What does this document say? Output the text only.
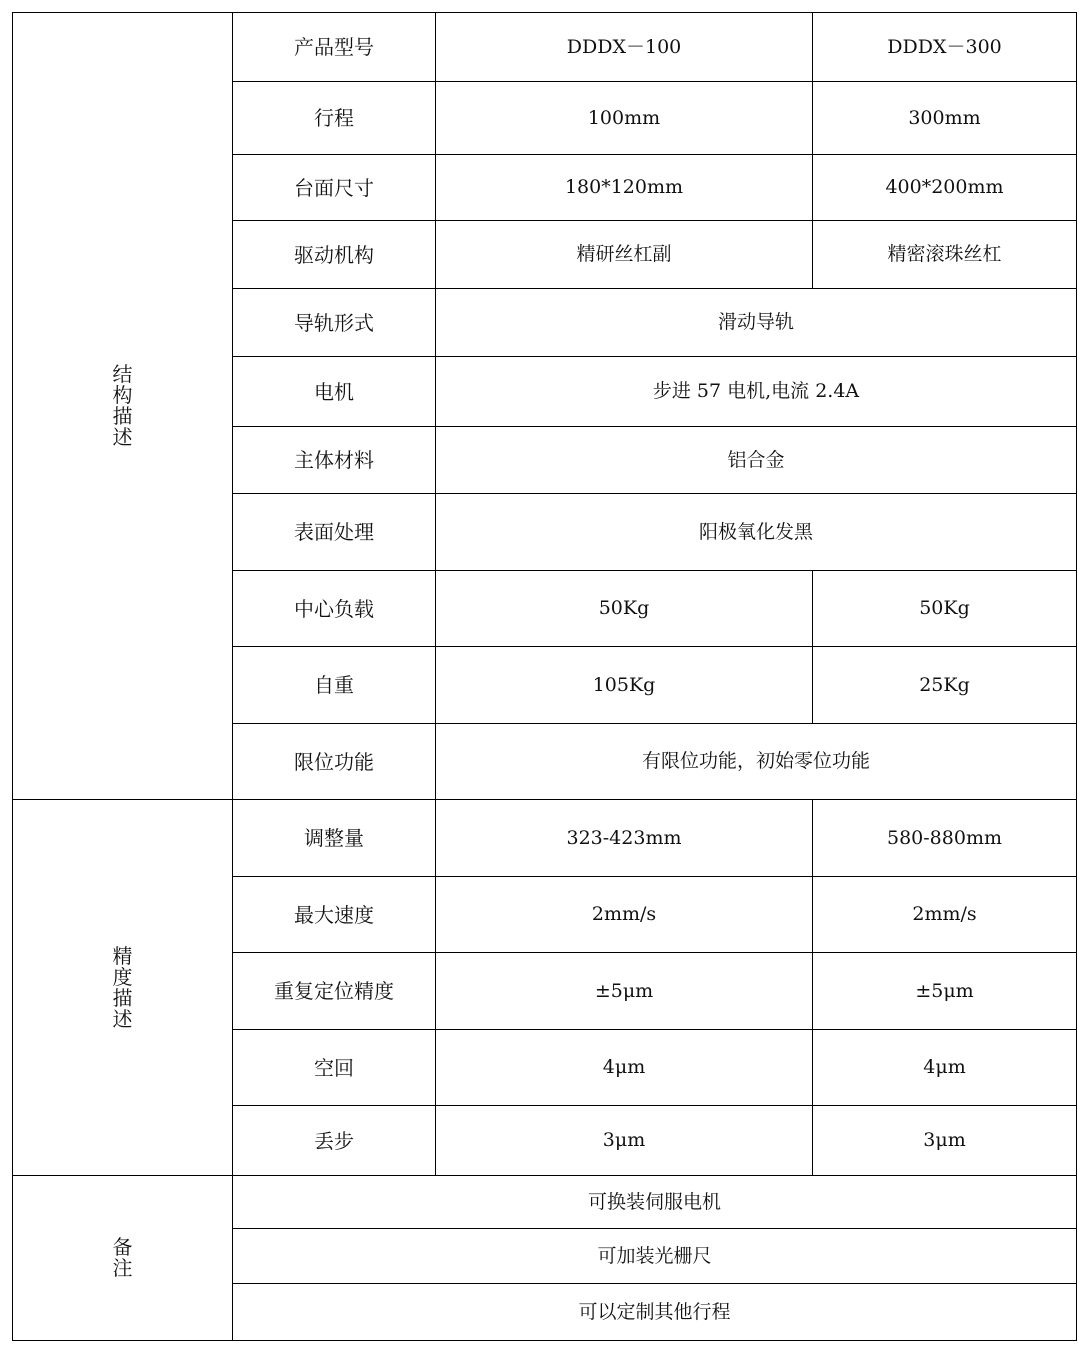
结构描述	产品型号	DDDX－100	DDDX－300
	行程	100mm	300mm
	台面尺寸	180*120mm	400*200mm
	驱动机构	精研丝杠副	精密滚珠丝杠
	导轨形式	滑动导轨	
	电机	步进 57 电机,电流 2.4A	
	主体材料	铝合金	
	表面处理	阳极氧化发黑	
	中心负载	50Kg	50Kg
	自重	105Kg	25Kg
	限位功能	有限位功能，初始零位功能	
精度描述	调整量	323-423mm	580-880mm
	最大速度	2mm/s	2mm/s
	重复定位精度	±5μm	±5μm
	空回	4μm	4μm
	丢步	3μm	3μm
备注	可换装伺服电机		
	可加装光栅尺		
	可以定制其他行程		
